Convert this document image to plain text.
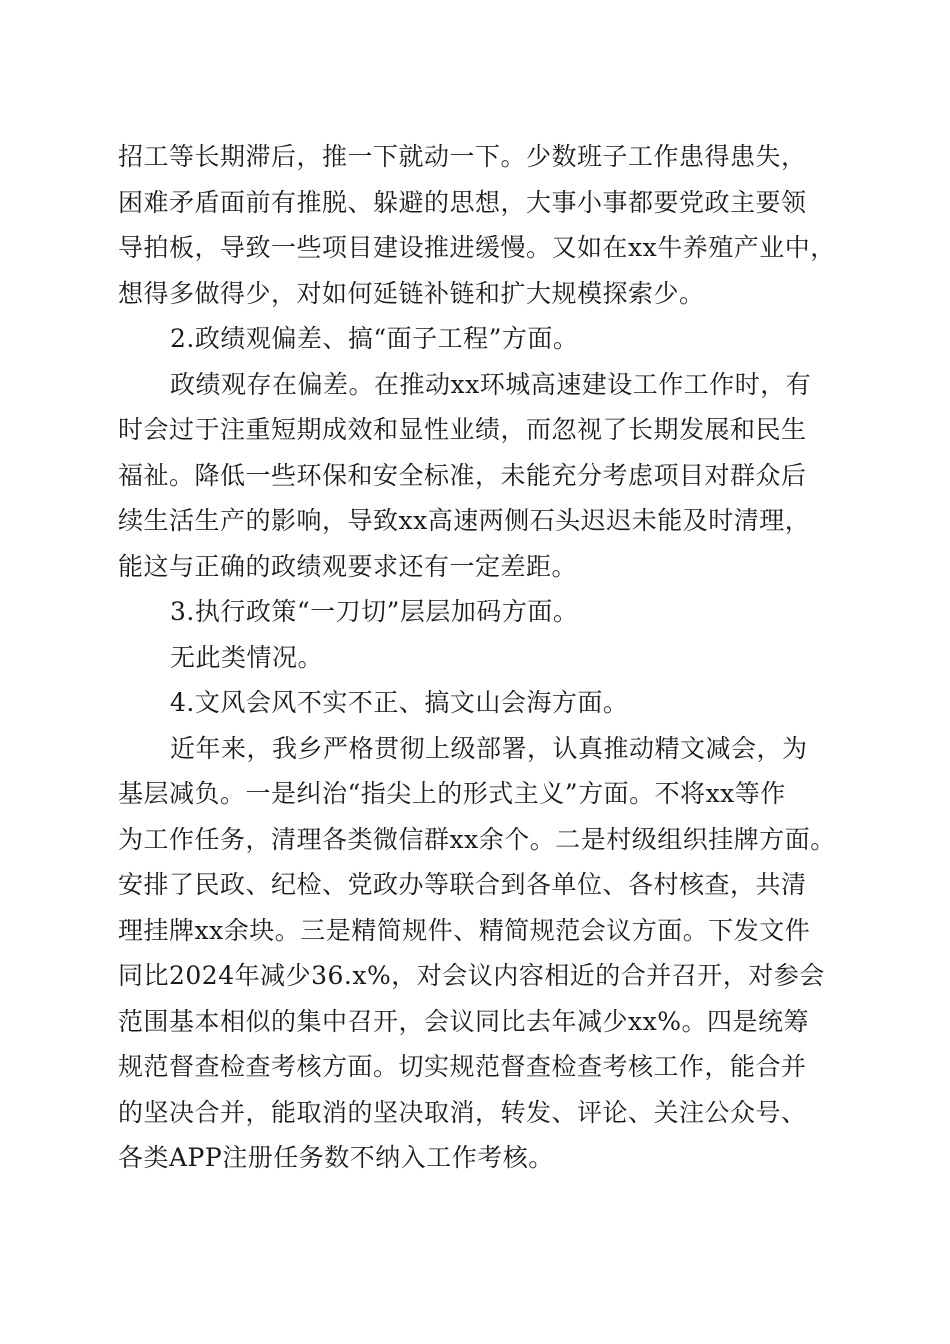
招工等长期滞后，推一下就动一下。少数班子工作患得患失，
困难矛盾面前有推脱、躲避的思想，大事小事都要党政主要领
导拍板，导致一些项目建设推进缓慢。又如在xx牛养殖产业中，
想得多做得少，对如何延链补链和扩大规模探索少。
2.政绩观偏差、搞“面子工程”方面。
政绩观存在偏差。在推动xx环城高速建设工作工作时，有
时会过于注重短期成效和显性业绩，而忽视了长期发展和民生
福祉。降低一些环保和安全标准，未能充分考虑项目对群众后
续生活生产的影响，导致xx高速两侧石头迟迟未能及时清理，
能这与正确的政绩观要求还有一定差距。
3.执行政策“一刀切”层层加码方面。
无此类情况。
4.文风会风不实不正、搞文山会海方面。
近年来，我乡严格贯彻上级部署，认真推动精文减会，为
基层减负。一是纠治“指尖上的形式主义”方面。不将xx等作
为工作任务，清理各类微信群xx余个。二是村级组织挂牌方面。
安排了民政、纪检、党政办等联合到各单位、各村核查，共清
理挂牌xx余块。三是精简规件、精简规范会议方面。下发文件
同比2024年减少36.x%，对会议内容相近的合并召开，对参会
范围基本相似的集中召开，会议同比去年减少xx%。四是统筹
规范督查检查考核方面。切实规范督查检查考核工作，能合并
的坚决合并，能取消的坚决取消，转发、评论、关注公众号、
各类APP注册任务数不纳入工作考核。
